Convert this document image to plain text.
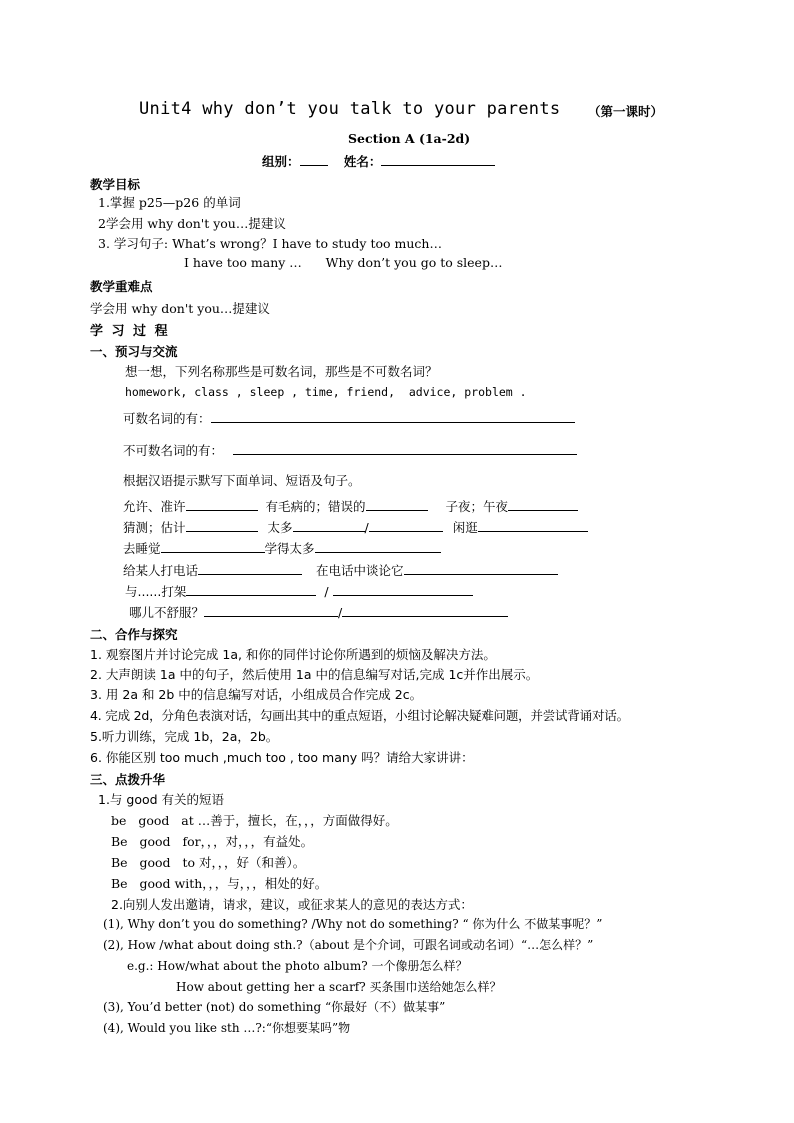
Unit4 why don’t you talk to your parents （第一课时）
Section A (1a-2d)
组别：	姓名：
教学目标
1.掌握 p25—p26 的单词
2学会用 why don't you…提建议
3. 学习句子: What’s wrong？I have to study too much…
I have too many …      Why don’t you go to sleep…
教学重难点
学会用 why don't you…提建议
学 习 过 程
一、预习与交流
想一想，下列名称那些是可数名词，那些是不可数名词？
homework, class , sleep , time, friend,  advice, problem .
可数名词的有：
不可数名词的有：
根据汉语提示默写下面单词、短语及句子。
允许、准许	有毛病的；错误的	子夜；午夜
猜测；估计	太多	/	闲逛
去睡觉	学得太多
给某人打电话	在电话中谈论它
与......打架	/
哪儿不舒服？	/
二、合作与探究
1. 观察图片并讨论完成 1a, 和你的同伴讨论你所遇到的烦恼及解决方法。
2. 大声朗读 1a 中的句子，然后使用 1a 中的信息编写对话,完成 1c并作出展示。
3. 用 2a 和 2b 中的信息编写对话，小组成员合作完成 2c。
4. 完成 2d，分角色表演对话，勾画出其中的重点短语，小组讨论解决疑难问题，并尝试背诵对话。
5.听力训练，完成 1b，2a，2b。
6. 你能区别 too much ,much too , too many 吗？请给大家讲讲：
三、点拨升华
1.与 good 有关的短语
be   good   at …善于，擅长，在，，，方面做得好。
Be   good   for，，，对，，，有益处。
Be   good   to 对，，，好（和善）。
Be   good with，，，与，，，相处的好。
2.向别人发出邀请，请求，建议，或征求某人的意见的表达方式：
(1), Why don’t you do something? /Why not do something? “ 你为什么 不做某事呢？”
(2), How /what about doing sth.?（about 是个介词，可跟名词或动名词）“…怎么样？”
e.g.: How/what about the photo album? 一个像册怎么样？
How about getting her a scarf? 买条围巾送给她怎么样？
(3), You’d better (not) do something “你最好（不）做某事”
(4), Would you like sth …?:“你想要某吗”物
